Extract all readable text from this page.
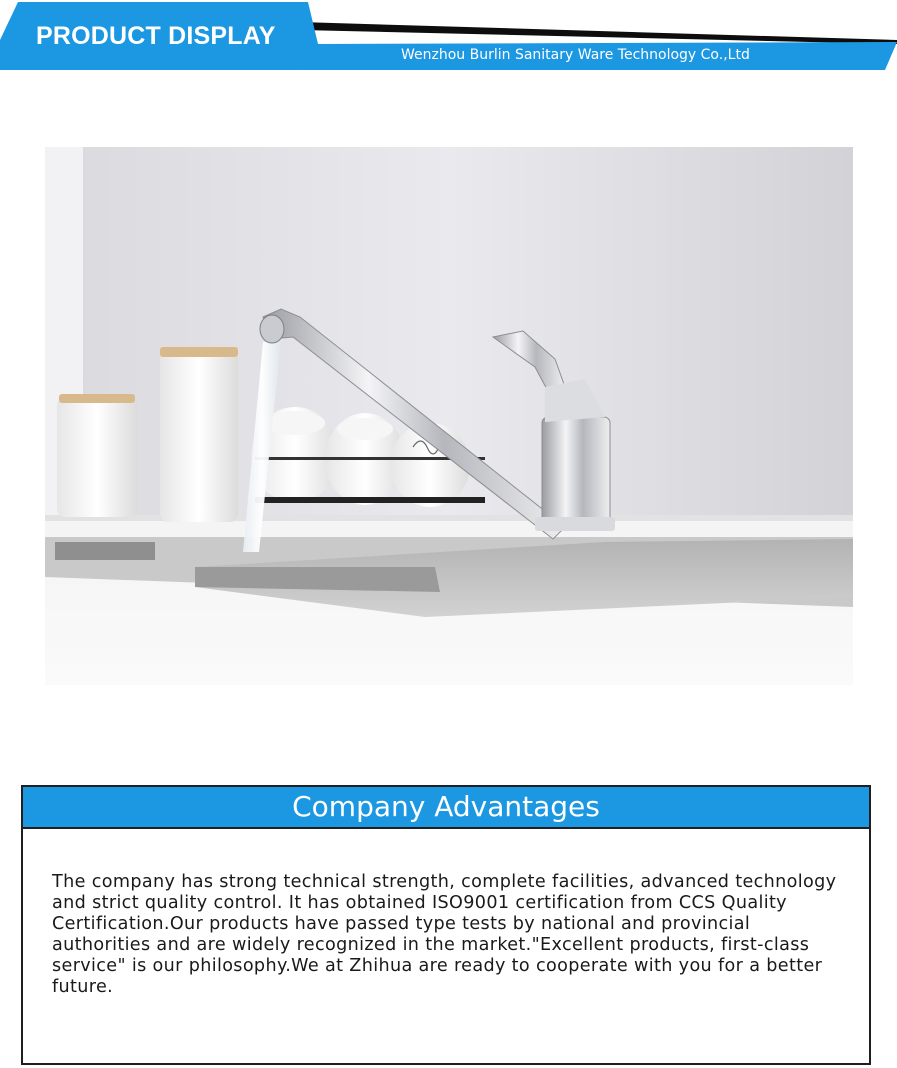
PRODUCT DISPLAY
Wenzhou Burlin Sanitary Ware Technology Co.,Ltd
Company Advantages
The company has strong technical strength, complete facilities, advanced technology and strict quality control. It has obtained ISO9001 certification from CCS Quality Certification.Our products have passed type tests by national and provincial authorities and are widely recognized in the market."Excellent products, first-class service" is our philosophy.We at Zhihua are ready to cooperate with you for a better future.
